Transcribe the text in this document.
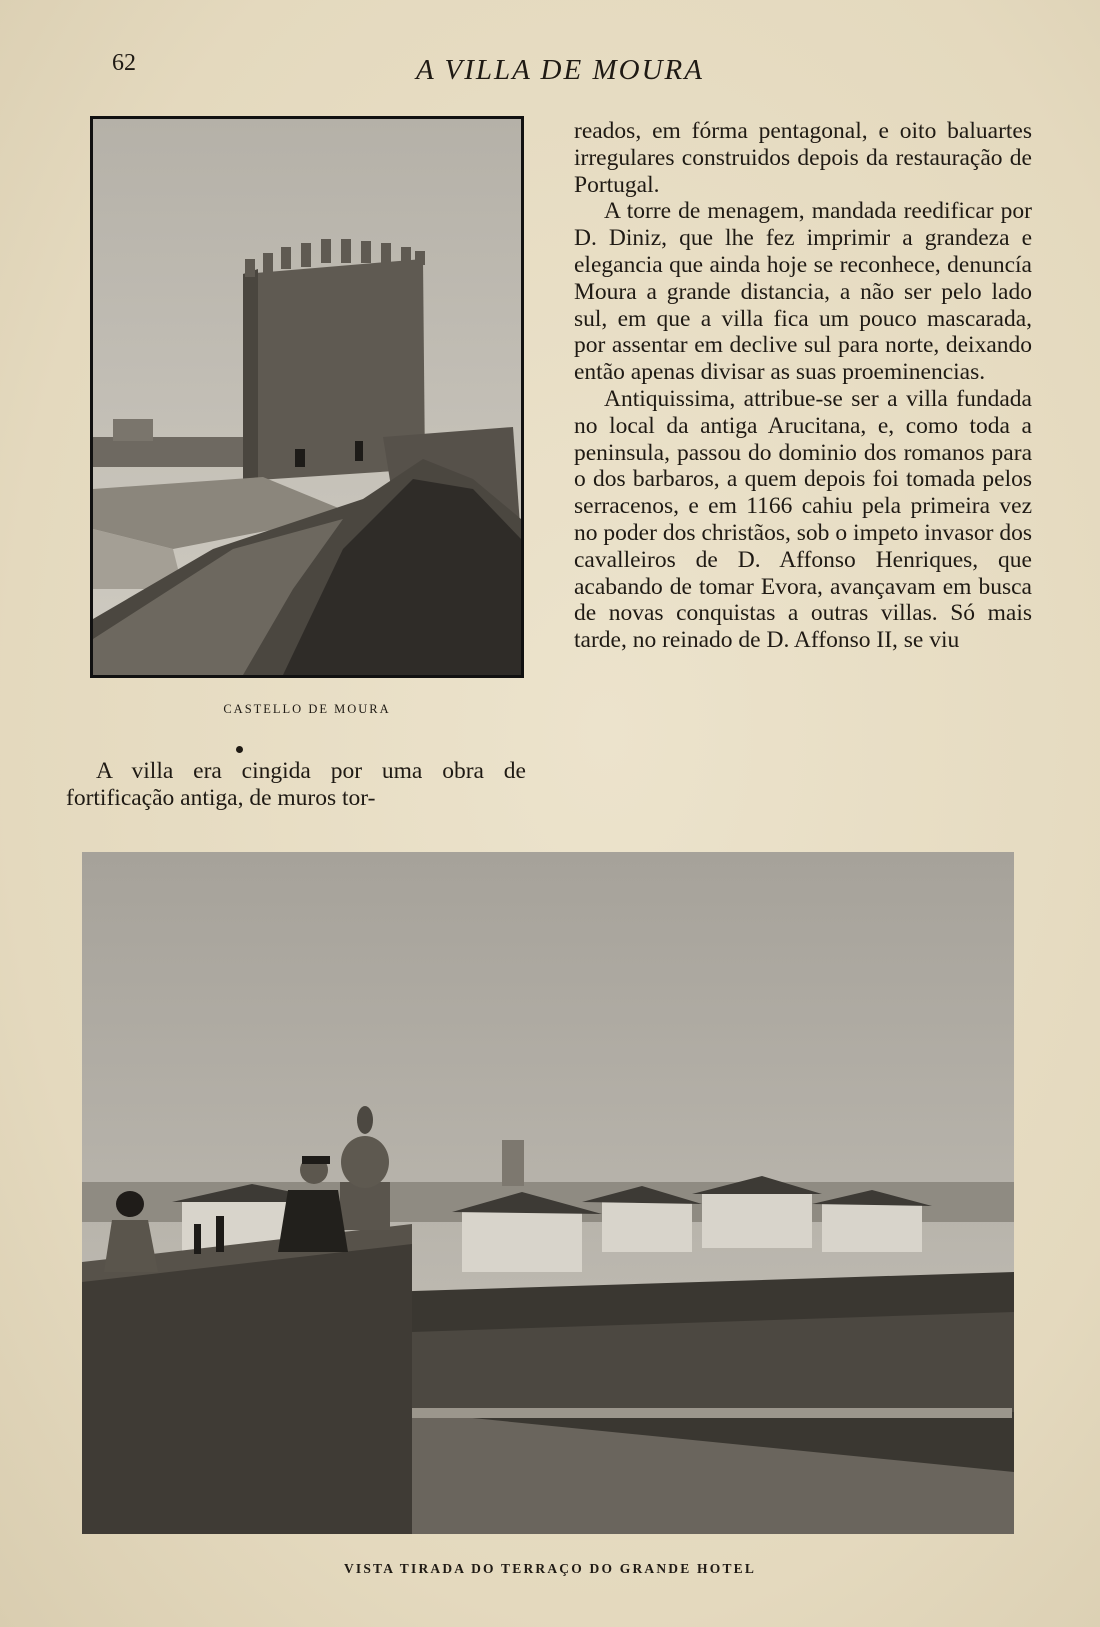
62	A VILLA DE MOURA
CASTELLO DE MOURA

reados, em fórma pentagonal, e oito baluartes irregulares construidos depois da restauração de Portugal.

A torre de menagem, mandada reedificar por D. Diniz, que lhe fez imprimir a grandeza e elegancia que ainda hoje se reconhece, denuncía Moura a grande distancia, a não ser pelo lado sul, em que a villa fica um pouco mascarada, por assentar em declive sul para norte, deixando então apenas divisar as suas proeminencias.

Antiquissima, attribue-se ser a villa fundada no local da antiga Arucitana, e, como toda a peninsula, passou do dominio dos romanos para o dos barbaros, a quem depois foi tomada pelos serracenos, e em 1166 cahiu pela primeira vez no poder dos christãos, sob o impeto invasor dos cavalleiros de D. Affonso Henriques, que acabando de tomar Evora, avançavam em busca de novas conquistas a outras villas. Só mais tarde, no reinado de D. Affonso II, se viu

A villa era cingida por uma obra de fortificação antiga, de muros tor-

VISTA TIRADA DO TERRAÇO DO GRANDE HOTEL
